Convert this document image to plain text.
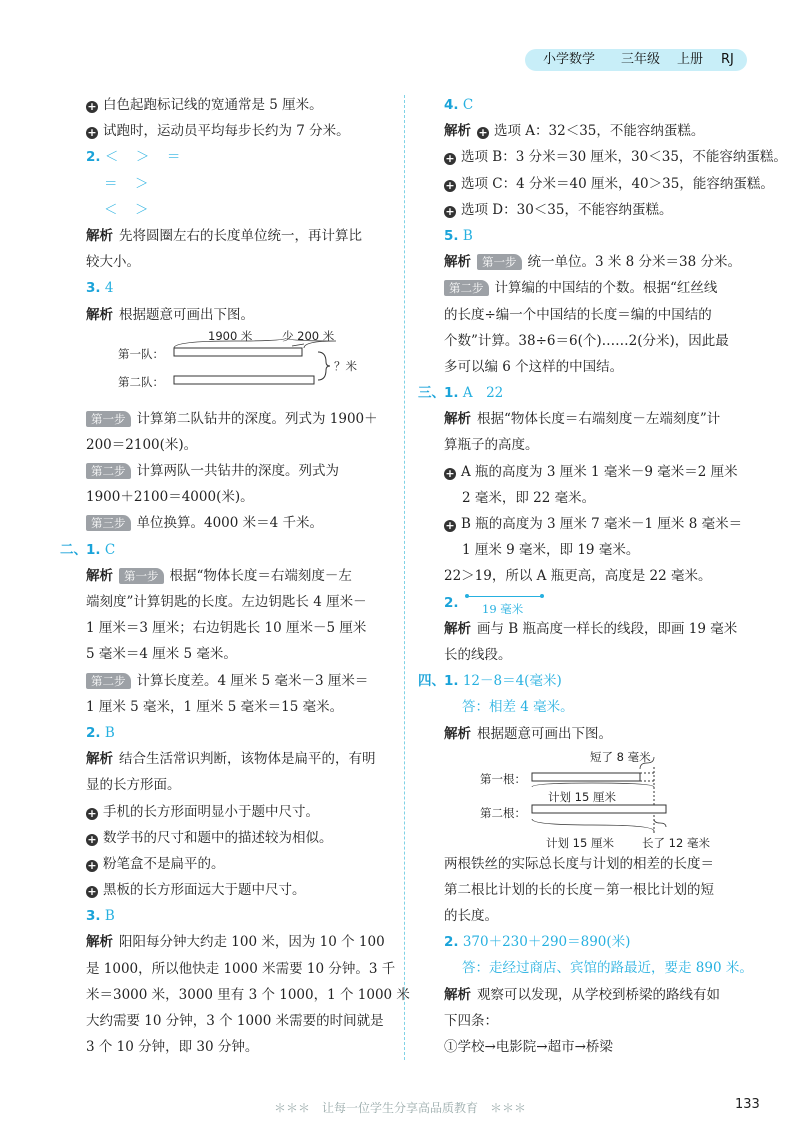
小学数学 三年级 上册 RJ
+ 白色起跑标记线的宽通常是 5 厘米。
+ 试跑时，运动员平均每步长约为 7 分米。
2. ＜　＞　＝
＝　＞
＜　＞
解析 先将圆圈左右的长度单位统一，再计算比
较大小。
3. 4
解析 根据题意可画出下图。
1900 米	少 200 米
第一队：
第二队：
？米
第一步 计算第二队钻井的深度。列式为 1900＋
200＝2100(米)。
第二步 计算两队一共钻井的深度。列式为
1900＋2100＝4000(米)。
第三步 单位换算。4000 米＝4 千米。
二、 1. C
解析 第一步 根据“物体长度＝右端刻度－左
端刻度”计算钥匙的长度。左边钥匙长 4 厘米－
1 厘米＝3 厘米；右边钥匙长 10 厘米－5 厘米
5 毫米＝4 厘米 5 毫米。
第二步 计算长度差。4 厘米 5 毫米－3 厘米＝
1 厘米 5 毫米，1 厘米 5 毫米＝15 毫米。
2. B
解析 结合生活常识判断，该物体是扁平的，有明
显的长方形面。
+ 手机的长方形面明显小于题中尺寸。
+ 数学书的尺寸和题中的描述较为相似。
+ 粉笔盒不是扁平的。
+ 黑板的长方形面远大于题中尺寸。
3. B
解析 阳阳每分钟大约走 100 米，因为 10 个 100
是 1000，所以他快走 1000 米需要 10 分钟。3 千
米＝3000 米，3000 里有 3 个 1000，1 个 1000 米
大约需要 10 分钟，3 个 1000 米需要的时间就是
3 个 10 分钟，即 30 分钟。
4. C
解析 + 选项 A：32＜35，不能容纳蛋糕。
+ 选项 B：3 分米＝30 厘米，30＜35，不能容纳蛋糕。
+ 选项 C：4 分米＝40 厘米，40＞35，能容纳蛋糕。
+ 选项 D：30＜35，不能容纳蛋糕。
5. B
解析 第一步 统一单位。3 米 8 分米＝38 分米。
第二步 计算编的中国结的个数。根据“红丝线
的长度÷编一个中国结的长度＝编的中国结的
个数”计算。38÷6＝6(个)……2(分米)，因此最
多可以编 6 个这样的中国结。
三、 1. A　22
解析 根据“物体长度＝右端刻度－左端刻度”计
算瓶子的高度。
+ A 瓶的高度为 3 厘米 1 毫米－9 毫米＝2 厘米
2 毫米，即 22 毫米。
+ B 瓶的高度为 3 厘米 7 毫米－1 厘米 8 毫米＝
1 厘米 9 毫米，即 19 毫米。
22＞19，所以 A 瓶更高，高度是 22 毫米。
2. 19 毫米
解析 画与 B 瓶高度一样长的线段，即画 19 毫米
长的线段。
四、 1. 12－8＝4(毫米)
答：相差 4 毫米。
解析 根据题意可画出下图。
第一根：
第二根：
短了 8 毫米
计划 15 厘米
计划 15 厘米 长了 12 毫米
两根铁丝的实际总长度与计划的相差的长度＝
第二根比计划的长的长度－第一根比计划的短
的长度。
2. 370＋230＋290＝890(米)
答：走经过商店、宾馆的路最近，要走 890 米。
解析 观察可以发现，从学校到桥梁的路线有如
下四条：
①学校→电影院→超市→桥梁
＊＊＊　让每一位学生分享高品质教育　＊＊＊	133
